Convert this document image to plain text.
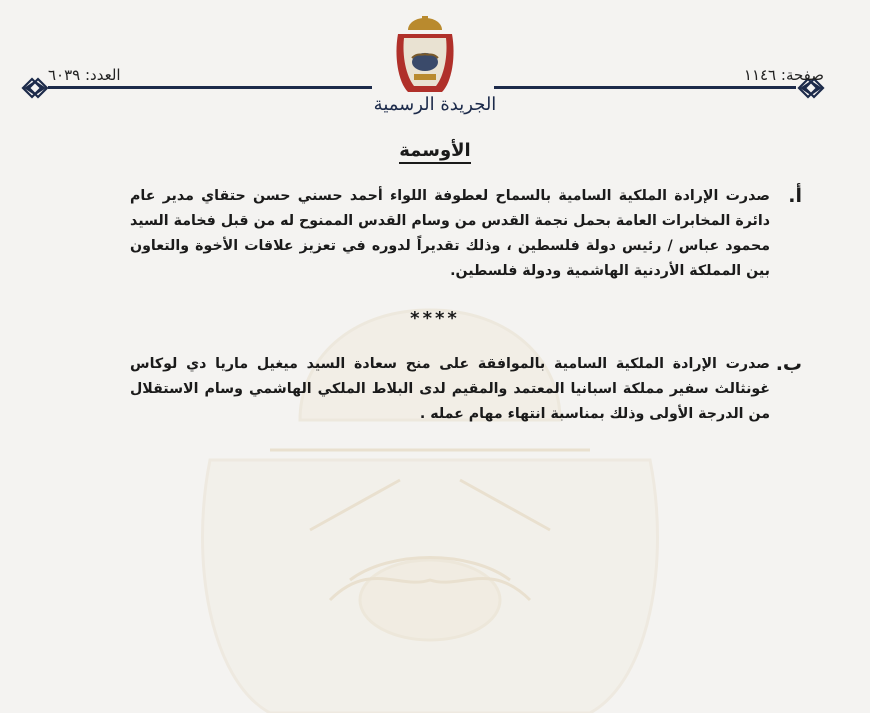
صفحة: ١١٤٦
العدد: ٦٠٣٩
الجريدة الرسمية
الأوسمة
أ.
صدرت الإرادة الملكية السامية بالسماح لعطوفة اللواء أحمد حسني حسن حتقاي مدير عام دائرة المخابرات العامة بحمل نجمة القدس من وسام القدس الممنوح له من قبل فخامة السيد محمود عباس / رئيس دولة فلسطين ، وذلك تقديراً لدوره في تعزيز علاقات الأخوة والتعاون بين المملكة الأردنية الهاشمية ودولة فلسطين.
****
ب.
صدرت الإرادة الملكية السامية بالموافقة على منح سعادة السيد ميغيل ماريا دي لوكاس غونثالث سفير مملكة اسبانيا المعتمد والمقيم لدى البلاط الملكي الهاشمي وسام الاستقلال من الدرجة الأولى وذلك بمناسبة انتهاء مهام عمله .
